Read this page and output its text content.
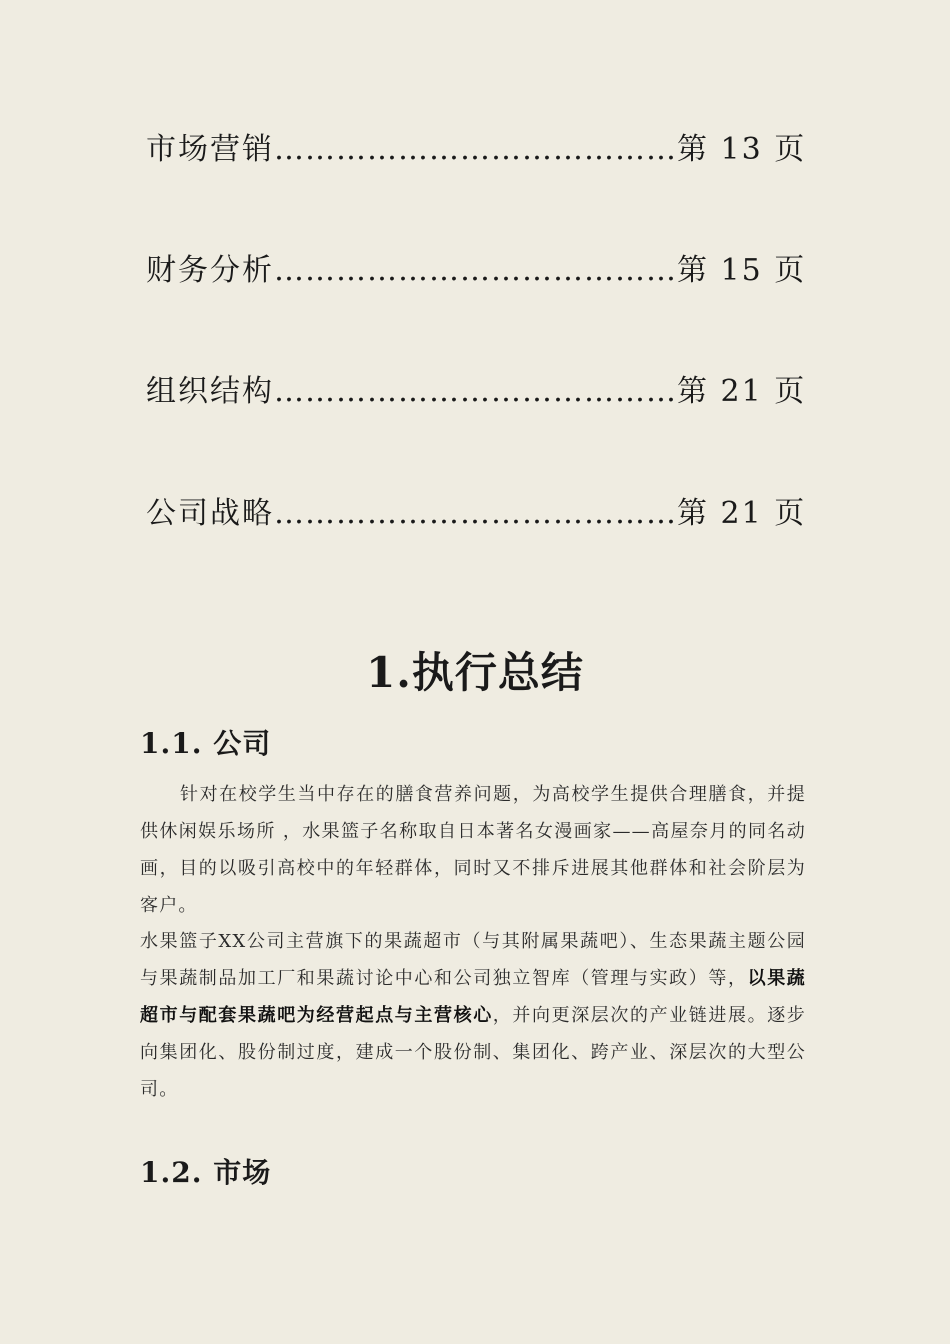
市场营销…………………………………第 13 页
财务分析…………………………………第 15 页
组织结构…………………………………第 21 页
公司战略…………………………………第 21 页
1.执行总结
1.1. 公司
针对在校学生当中存在的膳食营养问题，为高校学生提供合理膳食，并提供休闲娱乐场所 ，水果篮子名称取自日本著名女漫画家——高屋奈月的同名动画，目的以吸引高校中的年轻群体，同时又不排斥进展其他群体和社会阶层为客户。
水果篮子XX公司主营旗下的果蔬超市（与其附属果蔬吧）、生态果蔬主题公园与果蔬制品加工厂和果蔬讨论中心和公司独立智库（管理与实政）等，以果蔬超市与配套果蔬吧为经营起点与主营核心，并向更深层次的产业链进展。逐步向集团化、股份制过度，建成一个股份制、集团化、跨产业、深层次的大型公司。
1.2. 市场
